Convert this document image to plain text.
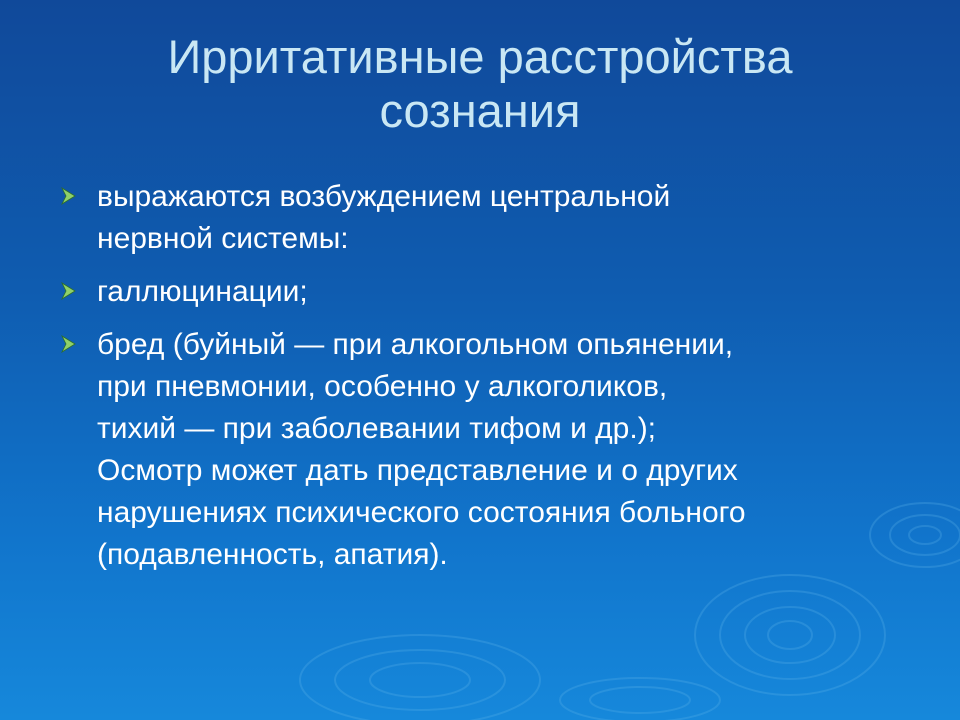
Ирритативные расстройства
сознания
выражаются возбуждением центральной
нервной системы:
галлюцинации;
бред (буйный — при алкогольном опьянении,
при пневмонии, особенно у алкоголиков,
тихий — при заболевании тифом и др.);
Осмотр может дать представление и о других
нарушениях психического состояния больного
(подавленность, апатия).
